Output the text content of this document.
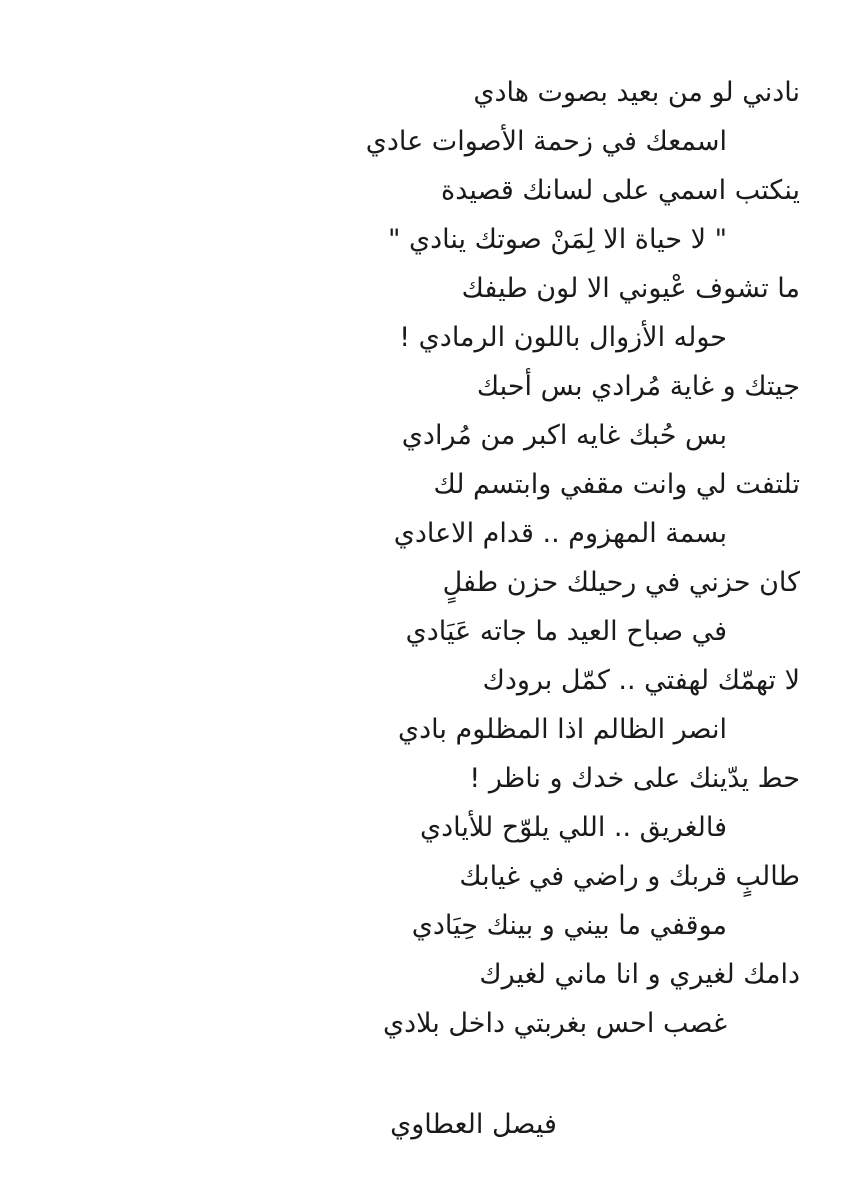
نادني لو من بعيد بصوت هادي
اسمعك في زحمة الأصوات عادي
ينكتب اسمي على لسانك قصيدة
" لا حياة الا لِمَنْ صوتك ينادي "
ما تشوف عْيوني الا لون طيفك
حوله الأزوال باللون الرمادي !
جيتك و غاية مُرادي بس أحبك
بس حُبك غايه اكبر من مُرادي
تلتفت لي وانت مقفي وابتسم لك
بسمة المهزوم .. قدام الاعادي
كان حزني في رحيلك حزن طفلٍ
في صباح العيد ما جاته عَيَادي
لا تهمّك لهفتي .. كمّل برودك
انصر الظالم اذا المظلوم بادي
حط يدّينك على خدك و ناظر !
فالغريق .. اللي يلوّح للأيادي
طالبٍ قربك و راضي في غيابك
موقفي ما بيني و بينك حِيَادي
دامك لغيري و انا ماني لغيرك
غصب احس بغربتي داخل بلادي
فيصل العطاوي
